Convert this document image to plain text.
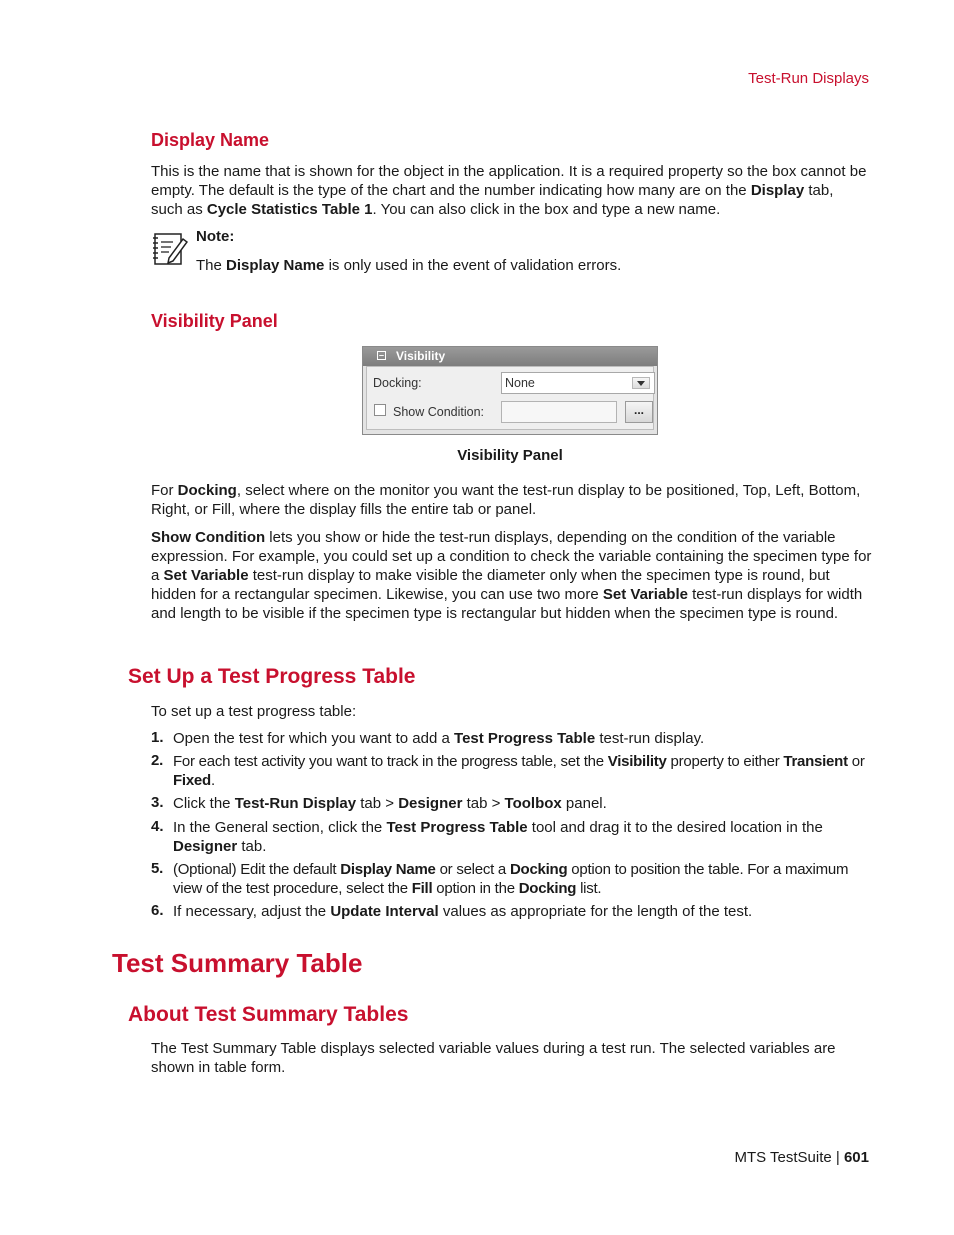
Test-Run Displays
Display Name

This is the name that is shown for the object in the application. It is a required property so the box cannot be empty. The default is the type of the chart and the number indicating how many are on the Display tab,
such as Cycle Statistics Table 1. You can also click in the box and type a new name.

Note:

The Display Name is only used in the event of validation errors.

Visibility Panel
– Visibility
Docking:	None
Show Condition:	...
Visibility Panel

For Docking, select where on the monitor you want the test-run display to be positioned, Top, Left, Bottom, Right, or Fill, where the display fills the entire tab or panel.

Show Condition lets you show or hide the test-run displays, depending on the condition of the variable expression. For example, you could set up a condition to check the variable containing the specimen type for a Set Variable test-run display to make visible the diameter only when the specimen type is round, but hidden for a rectangular specimen. Likewise, you can use two more Set Variable test-run displays for width and length to be visible if the specimen type is rectangular but hidden when the specimen type is round.

Set Up a Test Progress Table

To set up a test progress table:

1. Open the test for which you want to add a Test Progress Table test-run display.
2. For each test activity you want to track in the progress table, set the Visibility property to either Transient or Fixed.
3. Click the Test-Run Display tab > Designer tab > Toolbox panel.
4. In the General section, click the Test Progress Table tool and drag it to the desired location in the Designer tab.
5. (Optional) Edit the default Display Name or select a Docking option to position the table. For a maximum view of the test procedure, select the Fill option in the Docking list.
6. If necessary, adjust the Update Interval values as appropriate for the length of the test.
Test Summary Table
About Test Summary Tables

The Test Summary Table displays selected variable values during a test run. The selected variables are shown in table form.

MTS TestSuite | 601
